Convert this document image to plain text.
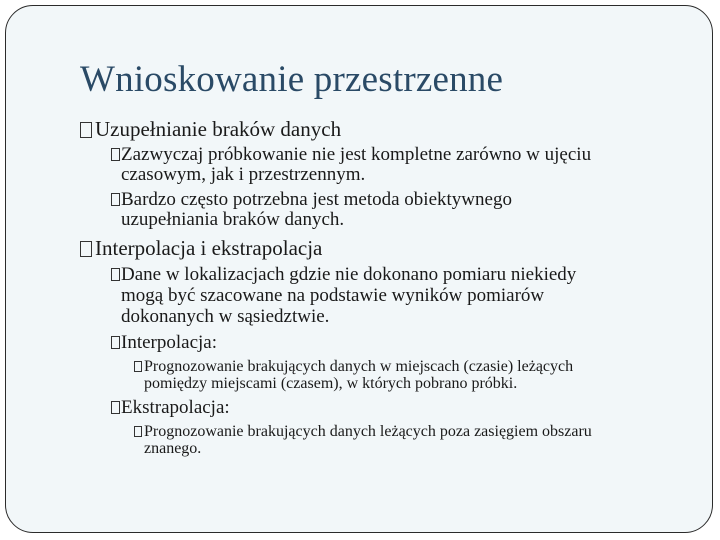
Wnioskowanie przestrzenne
Uzupełnianie braków danych
Zazwyczaj próbkowanie nie jest kompletne zarówno w ujęciu
czasowym, jak i przestrzennym.
Bardzo często potrzebna jest metoda obiektywnego
uzupełniania braków danych.
Interpolacja i ekstrapolacja
Dane w lokalizacjach gdzie nie dokonano pomiaru niekiedy
mogą być szacowane na podstawie wyników pomiarów
dokonanych w sąsiedztwie.
Interpolacja:
Prognozowanie brakujących danych w miejscach (czasie) leżących
pomiędzy miejscami (czasem), w których pobrano próbki.
Ekstrapolacja:
Prognozowanie brakujących danych leżących poza zasięgiem obszaru
znanego.
